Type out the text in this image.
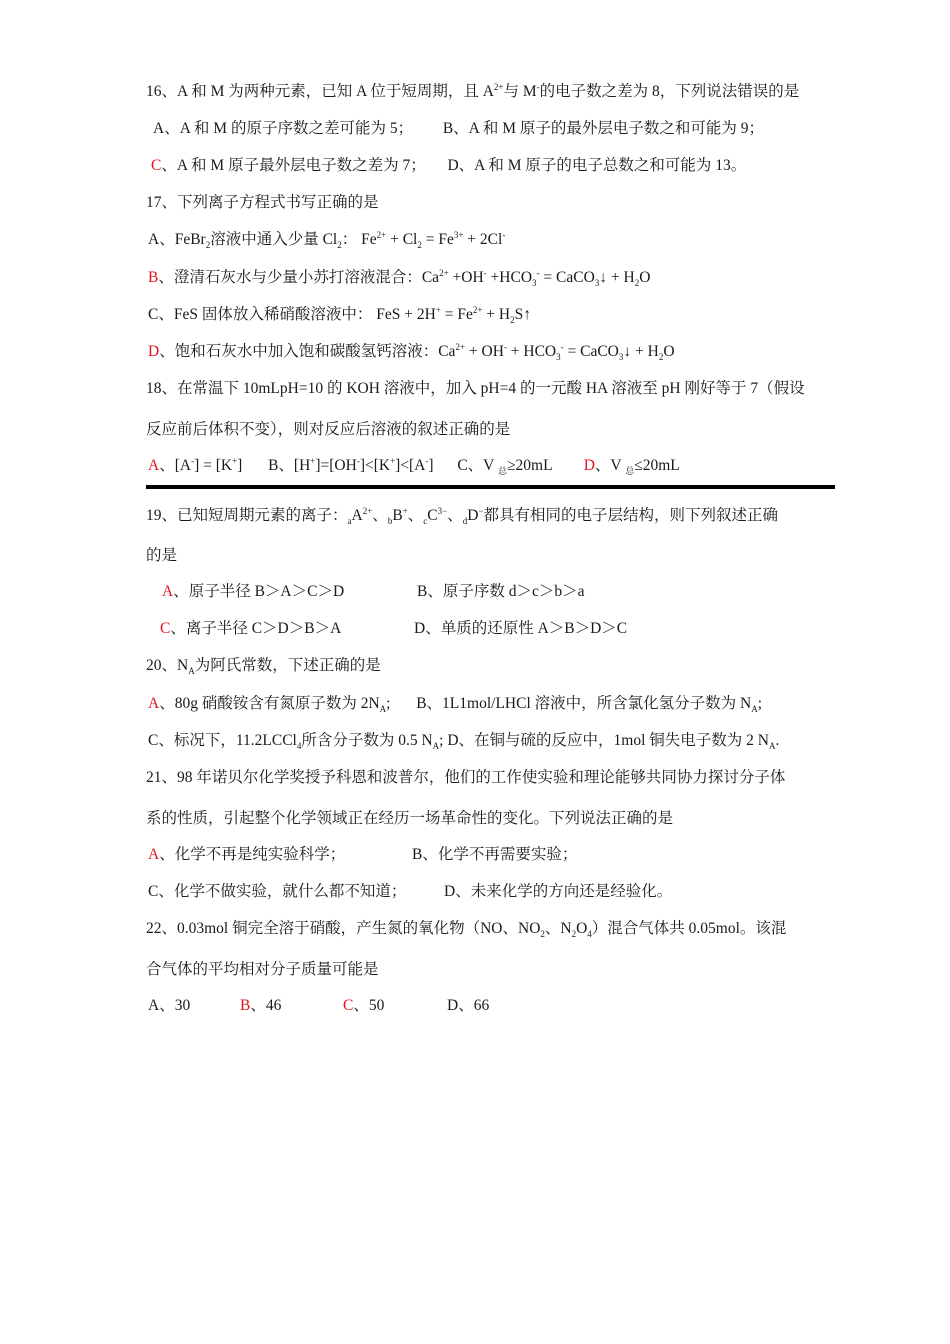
16、A 和 M 为两种元素，已知 A 位于短周期，且 $A^{2+}$与 M-的电子数之差为 8，下列说法错误的是
A、A 和 M 的原子序数之差可能为 5； B、A 和 M 原子的最外层电子数之和可能为 9；
C、A 和 M 原子最外层电子数之差为 7； D、A 和 M 原子的电子总数之和可能为 13。
17、下列离子方程式书写正确的是
A、FeBr$_2$溶液中通入少量 $Cl_2$： $Fe^{2+} + Cl_2 = Fe^{3+} + 2Cl^-$
B、澄清石灰水与少量小苏打溶液混合：$Ca^{2+} +OH^- +HCO_3^-$ = CaCO$_3$↓ + $H_2O$
C、FeS 固体放入稀硝酸溶液中： FeS + $2H^+ = Fe^{2+}$ + $H_2S↑$
D、饱和石灰水中加入饱和碳酸氢钙溶液：$Ca^{2+} + OH^- + HCO_3^-$ = CaCO$_3$↓ + $H_2O$
18、在常温下 10mLpH=10 的 KOH 溶液中，加入 pH=4 的一元酸 HA 溶液至 pH 刚好等于 7（假设
反应前后体积不变），则对反应后溶液的叙述正确的是
A、[A-] = [K+] B、[H+]=[OH-]<[K+]<[A-] C、V $_总$≥20mL D、V $_总$≤20mL
19、已知短周期元素的离子：$_aA^{2+}$、$_b$B+、$_cC^{3-}$、$_d$D−都具有相同的电子层结构，则下列叙述正确
的是
A、原子半径 B＞A＞C＞D	B、原子序数 d＞c＞b＞a
C、离子半径 C＞D＞B＞A	D、单质的还原性 A＞B＞D＞C
20、$N_A$为阿氏常数，下述正确的是
A、80g 硝酸铵含有氮原子数为 $2N_A$; B、1L1mol/LHCl 溶液中，所含氯化氢分子数为 $N_A$;
C、标况下，11.2LCCl$_4$所含分子数为 0.5 $N_A$; D、在铜与硫的反应中，1mol 铜失电子数为 2 $N_A$.
21、98 年诺贝尔化学奖授予科恩和波普尔，他们的工作使实验和理论能够共同协力探讨分子体
系的性质，引起整个化学领域正在经历一场革命性的变化。下列说法正确的是
A、化学不再是纯实验科学；	B、化学不再需要实验；
C、化学不做实验，就什么都不知道； D、未来化学的方向还是经验化。
22、0.03mol 铜完全溶于硝酸，产生氮的氧化物（NO、$NO_2$、$N_2O_4$）混合气体共 0.05mol。该混
合气体的平均相对分子质量可能是
A、30	B、46	C、50	D、66
